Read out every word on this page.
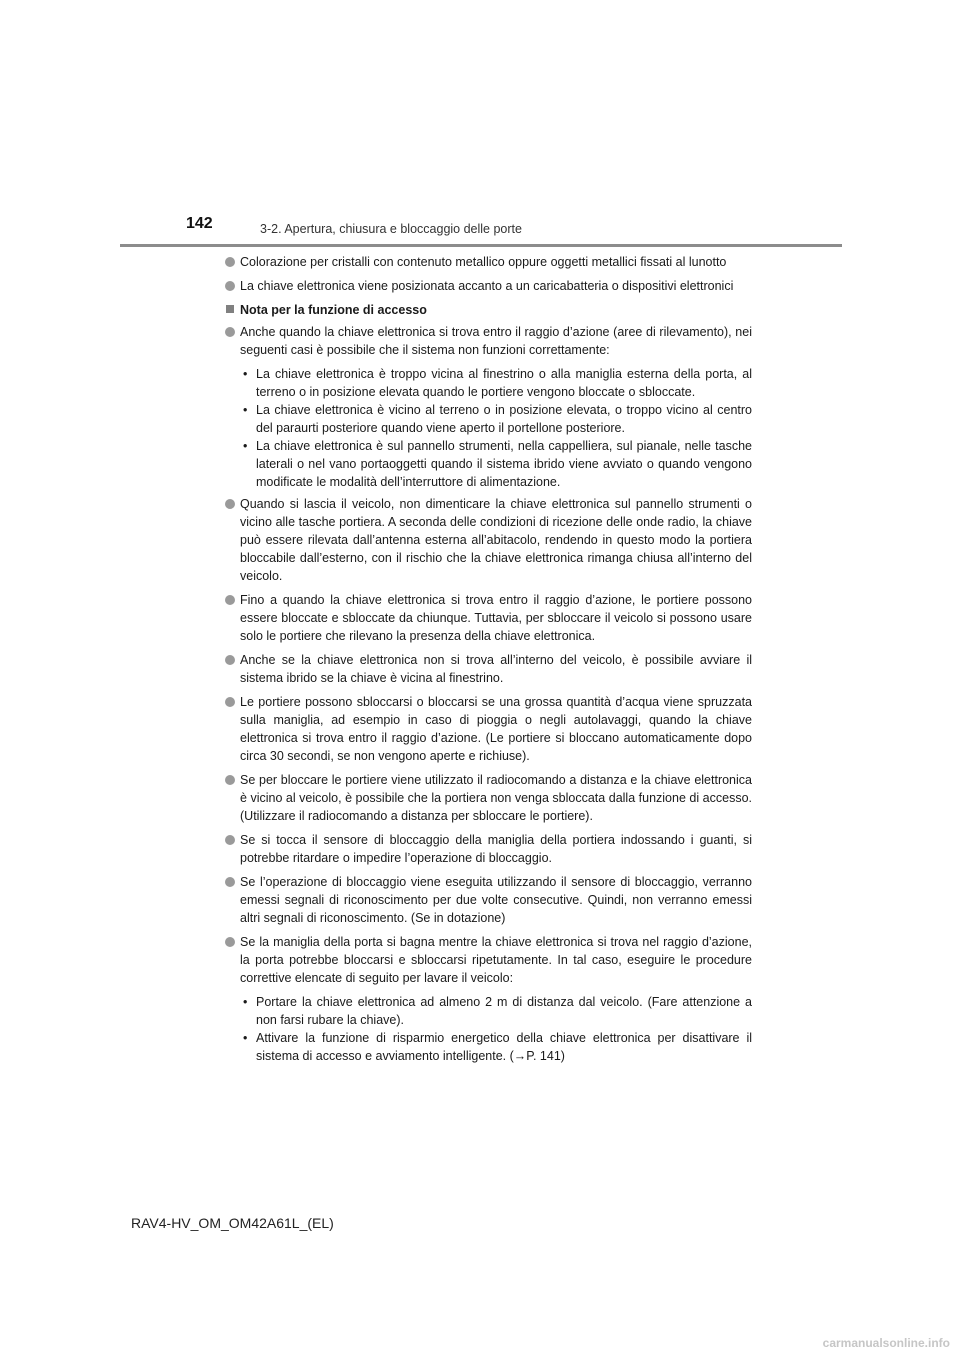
142	3-2. Apertura, chiusura e bloccaggio delle porte
Colorazione per cristalli con contenuto metallico oppure oggetti metallici fissati al lunotto
La chiave elettronica viene posizionata accanto a un caricabatteria o dispositivi elettronici
Nota per la funzione di accesso
Anche quando la chiave elettronica si trova entro il raggio d’azione (aree di rilevamento), nei seguenti casi è possibile che il sistema non funzioni correttamente:
• La chiave elettronica è troppo vicina al finestrino o alla maniglia esterna della porta, al terreno o in posizione elevata quando le portiere vengono bloccate o sbloccate.
• La chiave elettronica è vicino al terreno o in posizione elevata, o troppo vicino al centro del paraurti posteriore quando viene aperto il portellone posteriore.
• La chiave elettronica è sul pannello strumenti, nella cappelliera, sul pianale, nelle tasche laterali o nel vano portaoggetti quando il sistema ibrido viene avviato o quando vengono modificate le modalità dell’interruttore di alimentazione.
Quando si lascia il veicolo, non dimenticare la chiave elettronica sul pannello strumenti o vicino alle tasche portiera. A seconda delle condizioni di ricezione delle onde radio, la chiave può essere rilevata dall’antenna esterna all’abitacolo, rendendo in questo modo la portiera bloccabile dall’esterno, con il rischio che la chiave elettronica rimanga chiusa all’interno del veicolo.
Fino a quando la chiave elettronica si trova entro il raggio d’azione, le portiere possono essere bloccate e sbloccate da chiunque. Tuttavia, per sbloccare il veicolo si possono usare solo le portiere che rilevano la presenza della chiave elettronica.
Anche se la chiave elettronica non si trova all’interno del veicolo, è possibile avviare il sistema ibrido se la chiave è vicina al finestrino.
Le portiere possono sbloccarsi o bloccarsi se una grossa quantità d’acqua viene spruzzata sulla maniglia, ad esempio in caso di pioggia o negli autolavaggi, quando la chiave elettronica si trova entro il raggio d’azione. (Le portiere si bloccano automaticamente dopo circa 30 secondi, se non vengono aperte e richiuse).
Se per bloccare le portiere viene utilizzato il radiocomando a distanza e la chiave elettronica è vicino al veicolo, è possibile che la portiera non venga sbloccata dalla funzione di accesso. (Utilizzare il radiocomando a distanza per sbloccare le portiere).
Se si tocca il sensore di bloccaggio della maniglia della portiera indossando i guanti, si potrebbe ritardare o impedire l’operazione di bloccaggio.
Se l’operazione di bloccaggio viene eseguita utilizzando il sensore di bloccaggio, verranno emessi segnali di riconoscimento per due volte consecutive. Quindi, non verranno emessi altri segnali di riconoscimento. (Se in dotazione)
Se la maniglia della porta si bagna mentre la chiave elettronica si trova nel raggio d’azione, la porta potrebbe bloccarsi e sbloccarsi ripetutamente. In tal caso, eseguire le procedure correttive elencate di seguito per lavare il veicolo:
• Portare la chiave elettronica ad almeno 2 m di distanza dal veicolo. (Fare attenzione a non farsi rubare la chiave).
• Attivare la funzione di risparmio energetico della chiave elettronica per disattivare il sistema di accesso e avviamento intelligente. (→P. 141)
RAV4-HV_OM_OM42A61L_(EL)
carmanualsonline.info
